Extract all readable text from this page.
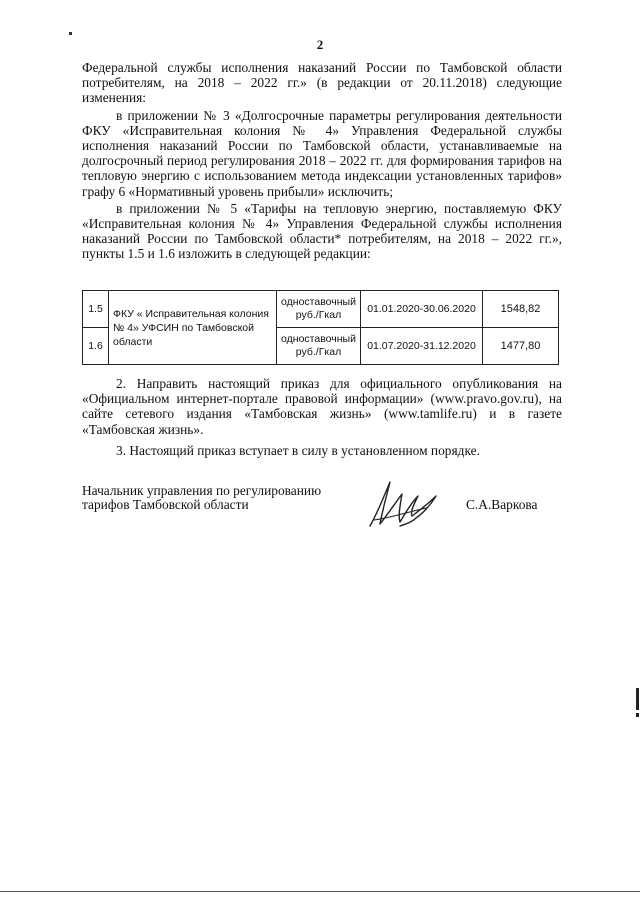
2

Федеральной службы исполнения наказаний России по Тамбовской области потребителям, на 2018 – 2022 гг.» (в редакции от 20.11.2018) следующие изменения:

в приложении № 3 «Долгосрочные параметры регулирования деятельности ФКУ «Исправительная колония № 4» Управления Федеральной службы исполнения наказаний России по Тамбовской области, устанавливаемые на долгосрочный период регулирования 2018 – 2022 гг. для формирования тарифов на тепловую энергию с использованием метода индексации установленных тарифов» графу 6 «Нормативный уровень прибыли» исключить;

в приложении № 5 «Тарифы на тепловую энергию, поставляемую ФКУ «Исправительная колония № 4» Управления Федеральной службы исполнения наказаний России по Тамбовской области* потребителям, на 2018 – 2022 гг.», пункты 1.5 и 1.6 изложить в следующей редакции:

1.5	ФКУ « Исправительная колония № 4» УФСИН по Тамбовской области	одноставочный руб./Гкал	01.01.2020-30.06.2020	1548,82
1.6		одноставочный руб./Гкал	01.07.2020-31.12.2020	1477,80

2. Направить настоящий приказ для официального опубликования на «Официальном интернет-портале правовой информации» (www.pravo.gov.ru), на сайте сетевого издания «Тамбовская жизнь» (www.tamlife.ru) и в газете «Тамбовская жизнь».

3. Настоящий приказ вступает в силу в установленном порядке.

Начальник управления по регулированию тарифов Тамбовской области	С.А.Варкова
